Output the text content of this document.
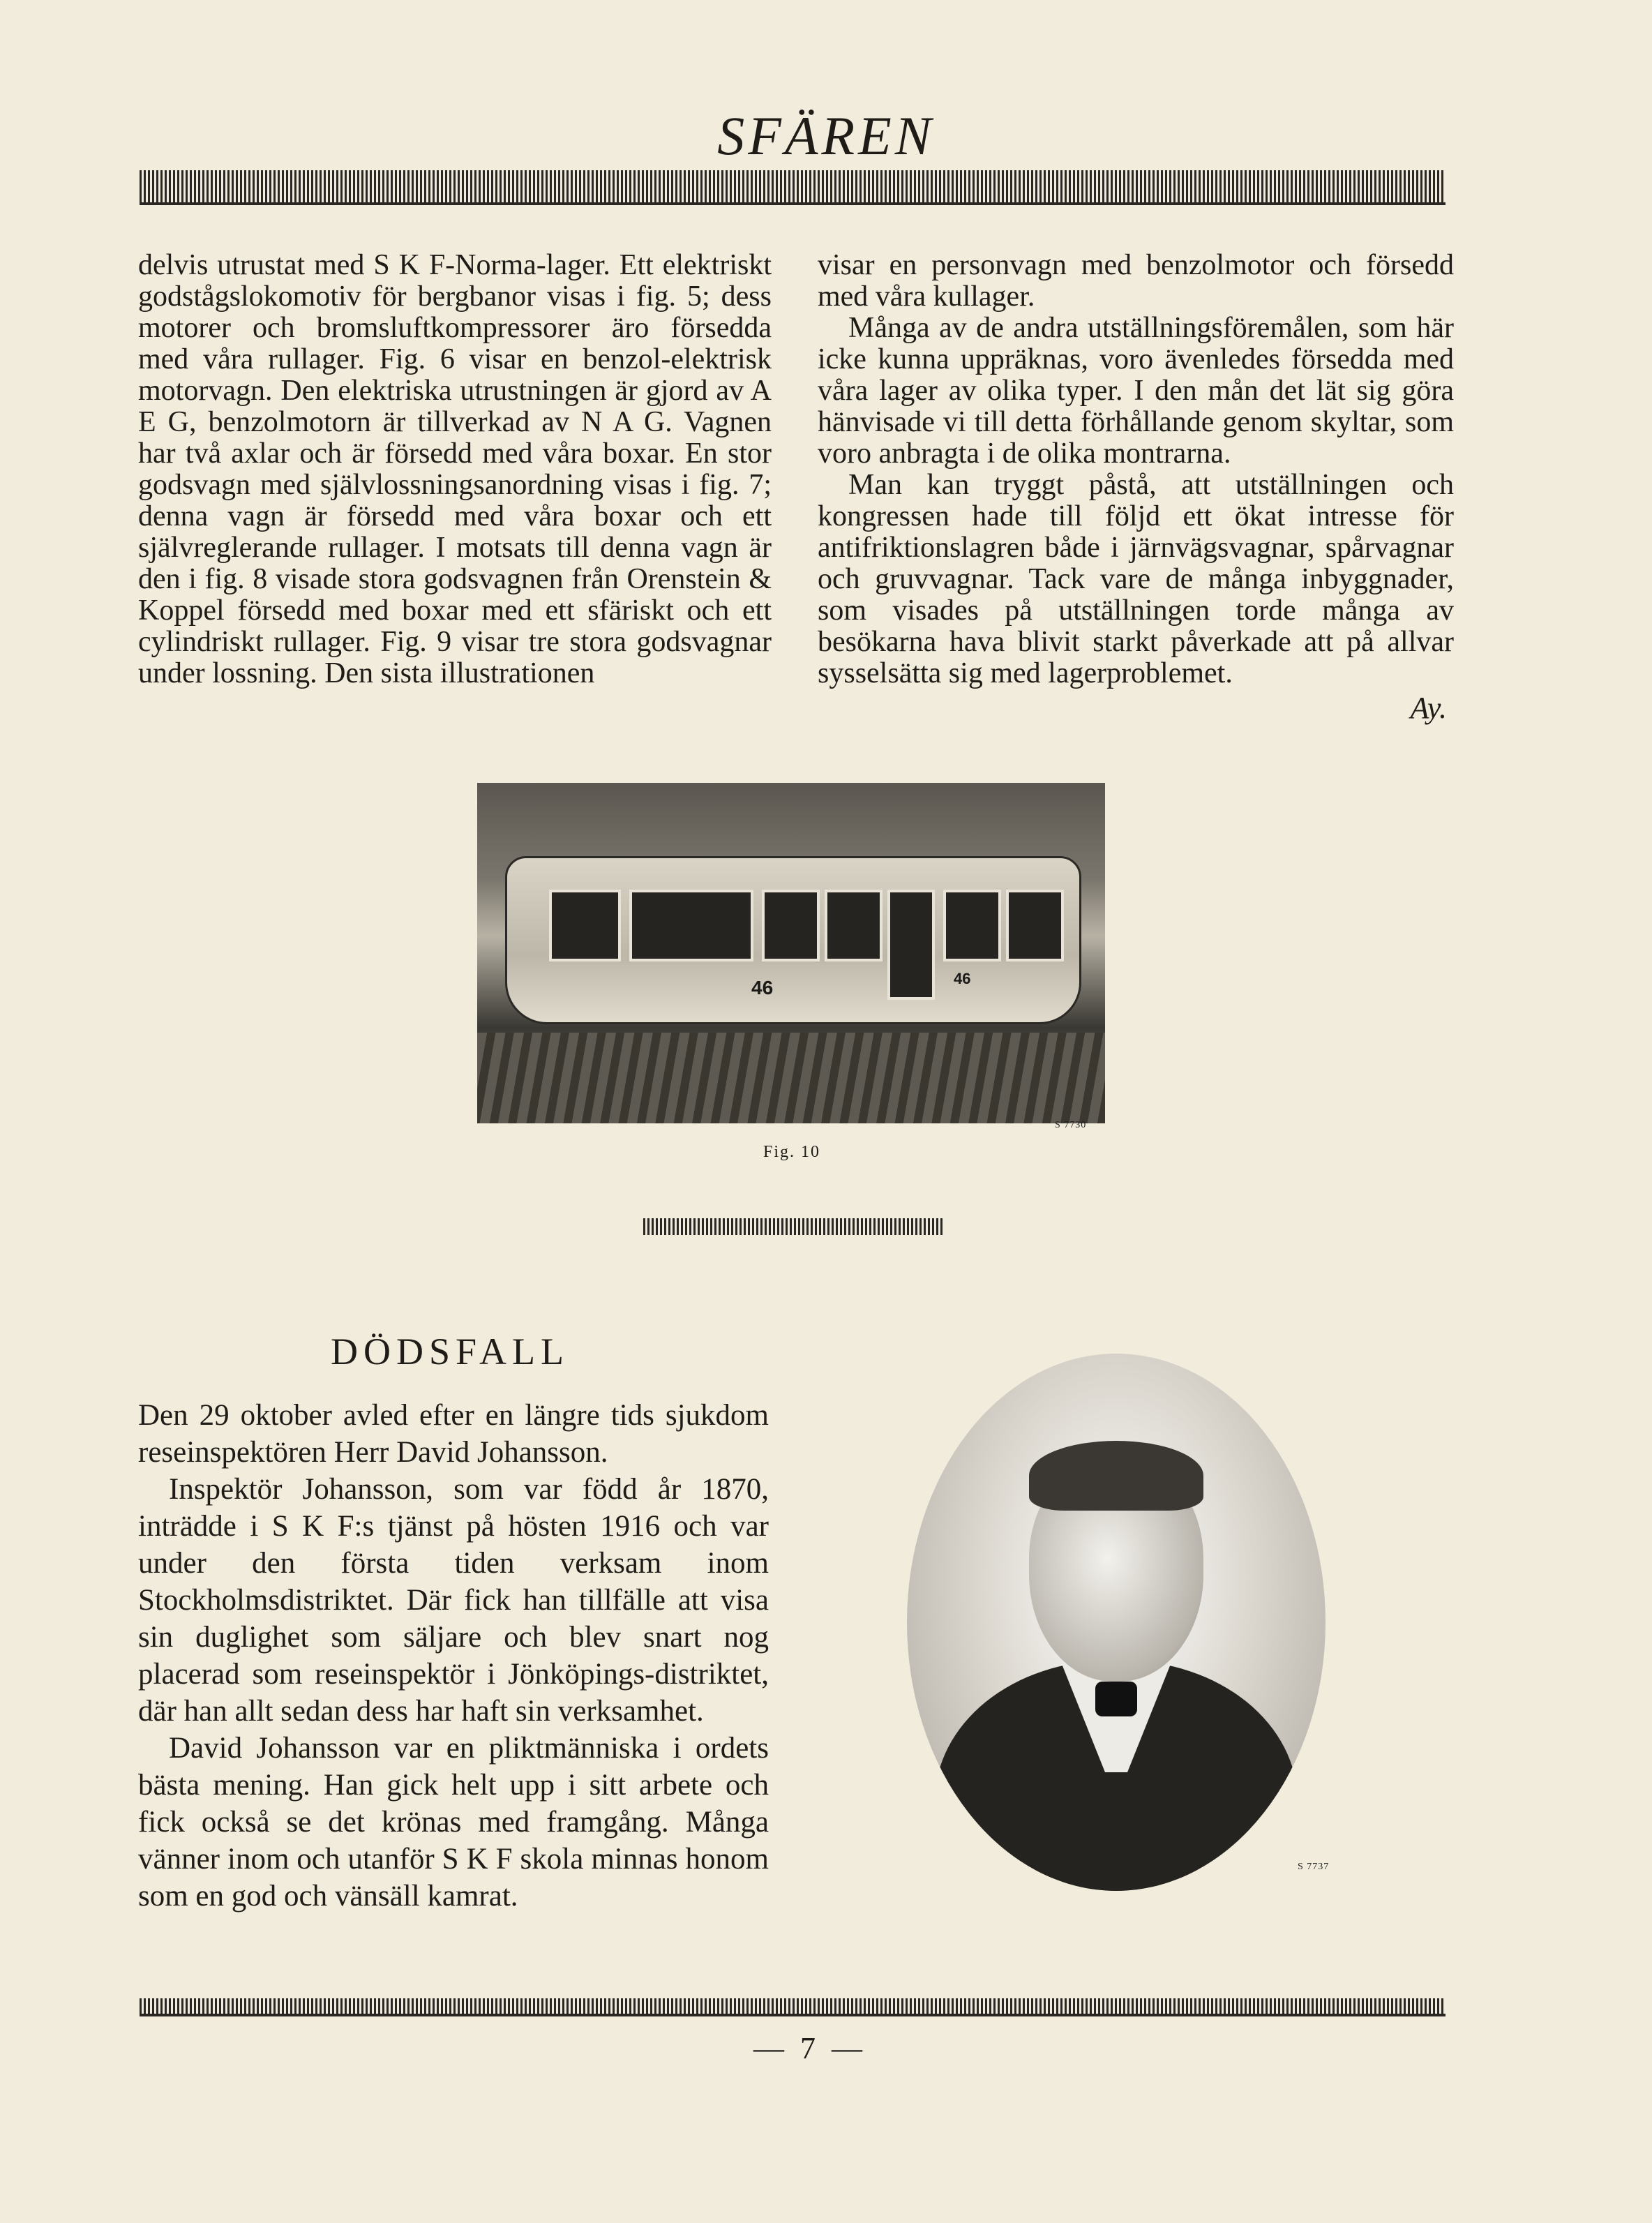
SFÄREN

delvis utrustat med S K F-Norma-lager. Ett elektriskt godstågslokomotiv för bergbanor visas i fig. 5; dess motorer och bromsluftkompressorer äro försedda med våra rullager. Fig. 6 visar en benzol-elektrisk motorvagn. Den elektriska utrustningen är gjord av A E G, benzolmotorn är tillverkad av N A G. Vagnen har två axlar och är försedd med våra boxar. En stor godsvagn med självlossningsanordning visas i fig. 7; denna vagn är försedd med våra boxar och ett självreglerande rullager. I motsats till denna vagn är den i fig. 8 visade stora godsvagnen från Orenstein & Koppel försedd med boxar med ett sfäriskt och ett cylindriskt rullager. Fig. 9 visar tre stora godsvagnar under lossning. Den sista illustrationen

visar en personvagn med benzolmotor och försedd med våra kullager.

Många av de andra utställningsföremålen, som här icke kunna uppräknas, voro ävenledes försedda med våra lager av olika typer. I den mån det lät sig göra hänvisade vi till detta förhållande genom skyltar, som voro anbragta i de olika montrarna.

Man kan tryggt påstå, att utställningen och kongressen hade till följd ett ökat intresse för antifriktionslagren både i järnvägsvagnar, spårvagnar och gruvvagnar. Tack vare de många inbyggnader, som visades på utställningen torde många av besökarna hava blivit starkt påverkade att på allvar sysselsätta sig med lagerproblemet.

Ay.
46	46
S 7730
Fig. 10
DÖDSFALL

Den 29 oktober avled efter en längre tids sjukdom reseinspektören Herr David Johansson.

Inspektör Johansson, som var född år 1870, inträdde i S K F:s tjänst på hösten 1916 och var under den första tiden verksam inom Stockholmsdistriktet. Där fick han tillfälle att visa sin duglighet som säljare och blev snart nog placerad som reseinspektör i Jönköpings-distriktet, där han allt sedan dess har haft sin verksamhet.

David Johansson var en pliktmänniska i ordets bästa mening. Han gick helt upp i sitt arbete och fick också se det krönas med framgång. Många vänner inom och utanför S K F skola minnas honom som en god och vänsäll kamrat.

S 7737
— 7 —
